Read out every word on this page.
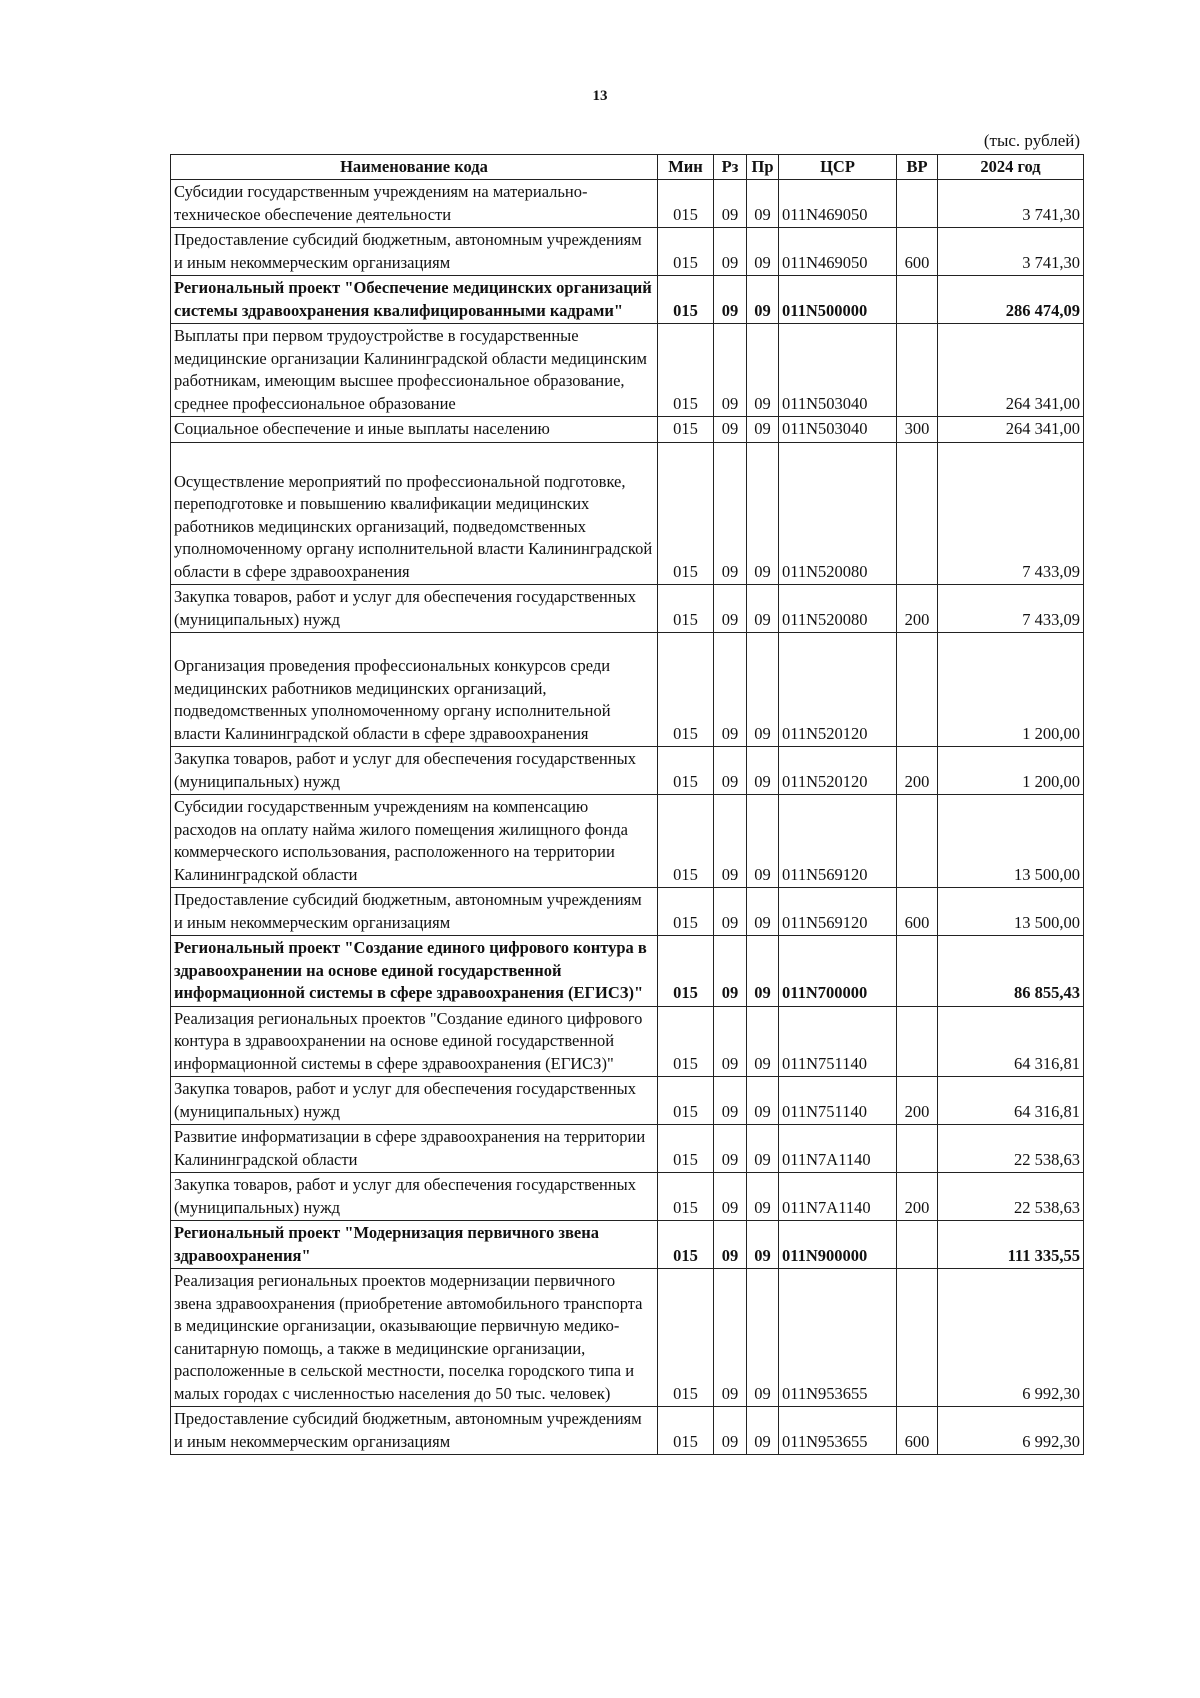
13
(тыс. рублей)
Наименование кода	Мин	Рз	Пр	ЦСР	ВР	2024 год
Субсидии государственным учреждениям на материально-техническое обеспечение деятельности	015	09	09	011N469050		3 741,30
Предоставление субсидий бюджетным, автономным учреждениям и иным некоммерческим организациям	015	09	09	011N469050	600	3 741,30
Региональный проект "Обеспечение медицинских организаций системы здравоохранения квалифицированными кадрами"	015	09	09	011N500000		286 474,09
Выплаты при первом трудоустройстве в государственные медицинские организации Калининградской области медицинским работникам, имеющим высшее профессиональное образование, среднее профессиональное образование	015	09	09	011N503040		264 341,00
Социальное обеспечение и иные выплаты населению	015	09	09	011N503040	300	264 341,00
Осуществление мероприятий по профессиональной подготовке, переподготовке и повышению квалификации медицинских работников медицинских организаций, подведомственных уполномоченному органу исполнительной власти Калининградской области в сфере здравоохранения	015	09	09	011N520080		7 433,09
Закупка товаров, работ и услуг для обеспечения государственных (муниципальных) нужд	015	09	09	011N520080	200	7 433,09
Организация проведения профессиональных конкурсов среди медицинских работников медицинских организаций, подведомственных уполномоченному органу исполнительной власти Калининградской области в сфере здравоохранения	015	09	09	011N520120		1 200,00
Закупка товаров, работ и услуг для обеспечения государственных (муниципальных) нужд	015	09	09	011N520120	200	1 200,00
Субсидии государственным учреждениям на компенсацию расходов на оплату найма жилого помещения жилищного фонда коммерческого использования, расположенного на территории Калининградской области	015	09	09	011N569120		13 500,00
Предоставление субсидий бюджетным, автономным учреждениям и иным некоммерческим организациям	015	09	09	011N569120	600	13 500,00
Региональный проект "Создание единого цифрового контура в здравоохранении на основе единой государственной информационной системы в сфере здравоохранения (ЕГИСЗ)"	015	09	09	011N700000		86 855,43
Реализация региональных проектов "Создание единого цифрового контура в здравоохранении на основе единой государственной информационной системы в сфере здравоохранения (ЕГИСЗ)"	015	09	09	011N751140		64 316,81
Закупка товаров, работ и услуг для обеспечения государственных (муниципальных) нужд	015	09	09	011N751140	200	64 316,81
Развитие информатизации в сфере здравоохранения на территории Калининградской области	015	09	09	011N7A1140		22 538,63
Закупка товаров, работ и услуг для обеспечения государственных (муниципальных) нужд	015	09	09	011N7A1140	200	22 538,63
Региональный проект "Модернизация первичного звена здравоохранения"	015	09	09	011N900000		111 335,55
Реализация региональных проектов модернизации первичного звена здравоохранения (приобретение автомобильного транспорта в медицинские организации, оказывающие первичную медико-санитарную помощь, а также в медицинские организации, расположенные в сельской местности, поселка городского типа и малых городах с численностью населения до 50 тыс. человек)	015	09	09	011N953655		6 992,30
Предоставление субсидий бюджетным, автономным учреждениям и иным некоммерческим организациям	015	09	09	011N953655	600	6 992,30
